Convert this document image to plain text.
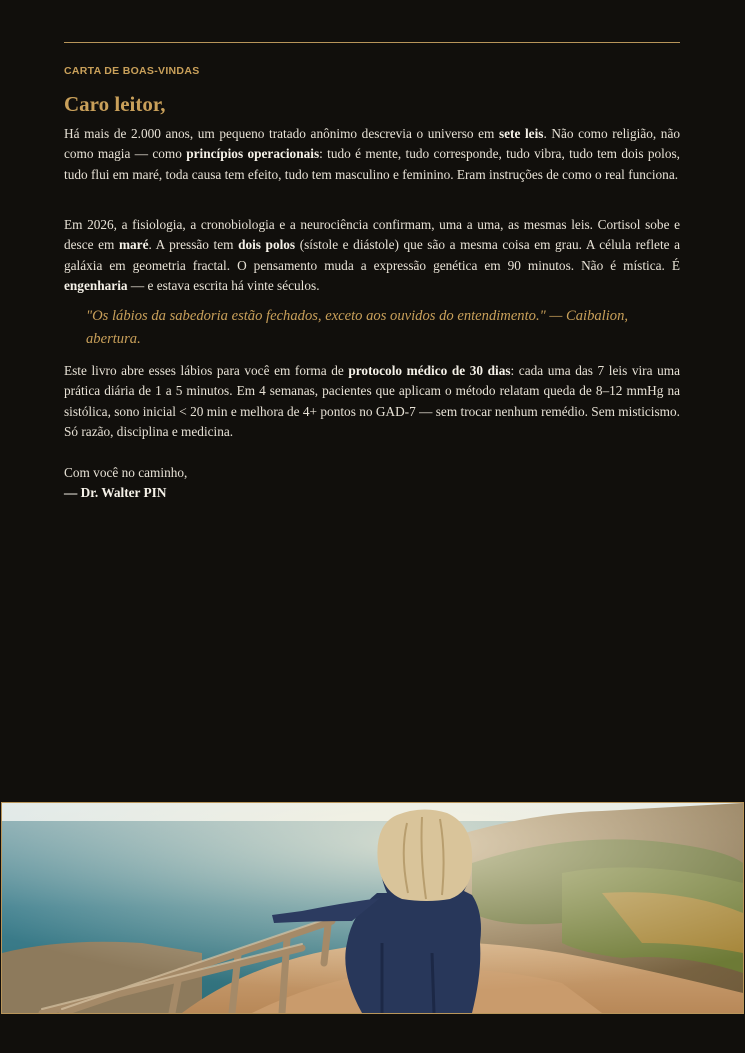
CARTA DE BOAS-VINDAS
Caro leitor,
Há mais de 2.000 anos, um pequeno tratado anônimo descrevia o universo em sete leis. Não como religião, não como magia — como princípios operacionais: tudo é mente, tudo corresponde, tudo vibra, tudo tem dois polos, tudo flui em maré, toda causa tem efeito, tudo tem masculino e feminino. Eram instruções de como o real funciona.
Em 2026, a fisiologia, a cronobiologia e a neurociência confirmam, uma a uma, as mesmas leis. Cortisol sobe e desce em maré. A pressão tem dois polos (sístole e diástole) que são a mesma coisa em grau. A célula reflete a galáxia em geometria fractal. O pensamento muda a expressão genética em 90 minutos. Não é mística. É engenharia — e estava escrita há vinte séculos.
"Os lábios da sabedoria estão fechados, exceto aos ouvidos do entendimento." — Caibalion, abertura.
Este livro abre esses lábios para você em forma de protocolo médico de 30 dias: cada uma das 7 leis vira uma prática diária de 1 a 5 minutos. Em 4 semanas, pacientes que aplicam o método relatam queda de 8–12 mmHg na sistólica, sono inicial < 20 min e melhora de 4+ pontos no GAD-7 — sem trocar nenhum remédio. Sem misticismo. Só razão, disciplina e medicina.
Com você no caminho,
— Dr. Walter PIN
